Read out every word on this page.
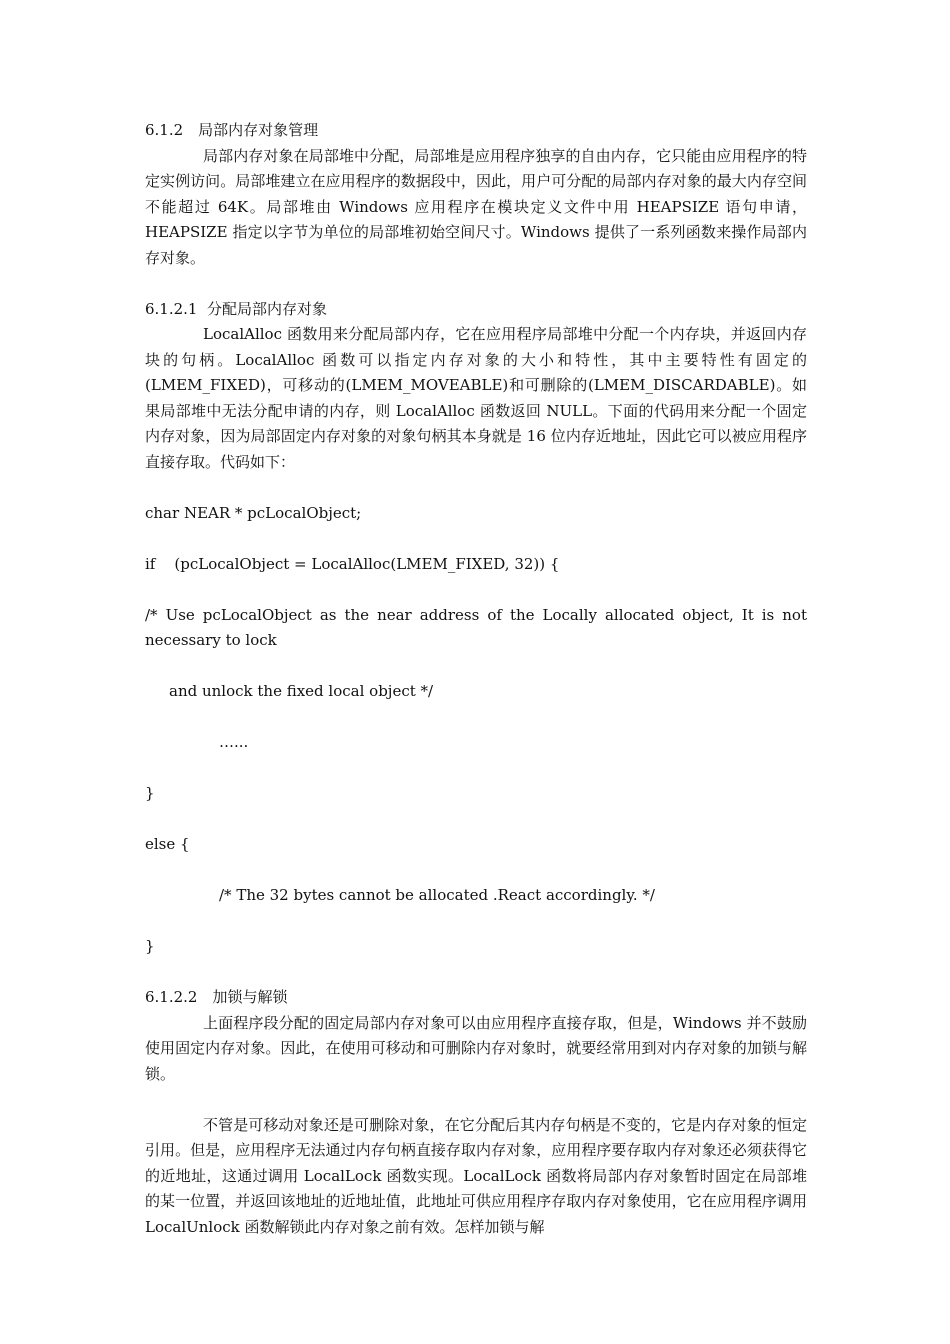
6.1.2　局部内存对象管理

局部内存对象在局部堆中分配，局部堆是应用程序独享的自由内存，它只能由应用程序的特定实例访问。局部堆建立在应用程序的数据段中，因此，用户可分配的局部内存对象的最大内存空间不能超过 64K。局部堆由 Windows 应用程序在模块定义文件中用 HEAPSIZE 语句申请，HEAPSIZE 指定以字节为单位的局部堆初始空间尺寸。Windows 提供了一系列函数来操作局部内存对象。

6.1.2.1  分配局部内存对象

LocalAlloc 函数用来分配局部内存，它在应用程序局部堆中分配一个内存块，并返回内存块的句柄。LocalAlloc 函数可以指定内存对象的大小和特性，其中主要特性有固定的(LMEM_FIXED)，可移动的(LMEM_MOVEABLE)和可删除的(LMEM_DISCARDABLE)。如果局部堆中无法分配申请的内存，则 LocalAlloc 函数返回 NULL。下面的代码用来分配一个固定内存对象，因为局部固定内存对象的对象句柄其本身就是 16 位内存近地址，因此它可以被应用程序直接存取。代码如下：

char NEAR * pcLocalObject;

if    (pcLocalObject = LocalAlloc(LMEM_FIXED, 32)) {

/* Use pcLocalObject as the near address of the Locally allocated object, It is not necessary to lock

and unlock the fixed local object */

…...

}

else {

/* The 32 bytes cannot be allocated .React accordingly. */

}

6.1.2.2　加锁与解锁

上面程序段分配的固定局部内存对象可以由应用程序直接存取，但是，Windows 并不鼓励使用固定内存对象。因此，在使用可移动和可删除内存对象时，就要经常用到对内存对象的加锁与解锁。

不管是可移动对象还是可删除对象，在它分配后其内存句柄是不变的，它是内存对象的恒定引用。但是，应用程序无法通过内存句柄直接存取内存对象，应用程序要存取内存对象还必须获得它的近地址，这通过调用 LocalLock 函数实现。LocalLock 函数将局部内存对象暂时固定在局部堆的某一位置，并返回该地址的近地址值，此地址可供应用程序存取内存对象使用，它在应用程序调用 LocalUnlock 函数解锁此内存对象之前有效。怎样加锁与解
